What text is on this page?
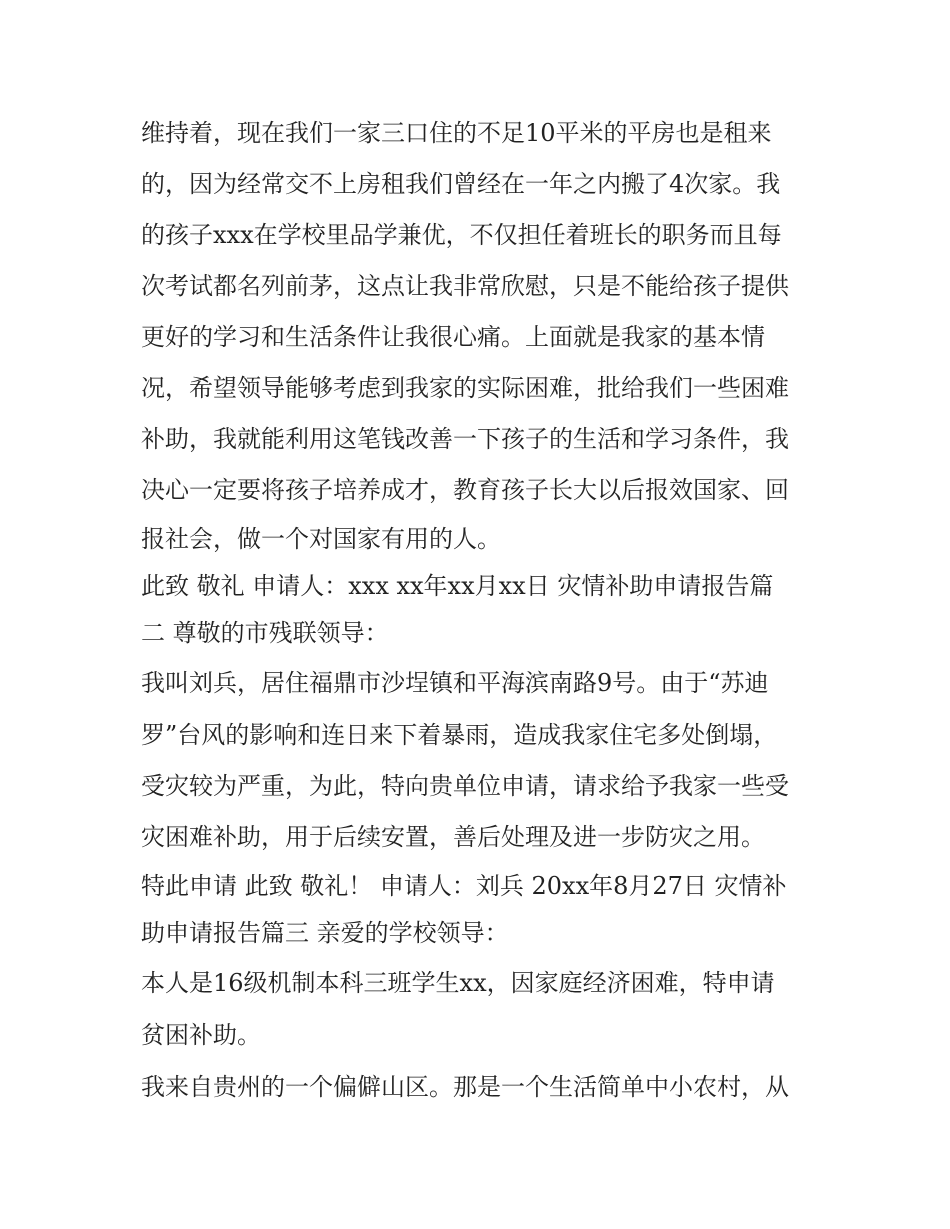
维持着，现在我们一家三口住的不足10平米的平房也是租来
的，因为经常交不上房租我们曾经在一年之内搬了4次家。我
的孩子xxx在学校里品学兼优，不仅担任着班长的职务而且每
次考试都名列前茅，这点让我非常欣慰，只是不能给孩子提供
更好的学习和生活条件让我很心痛。上面就是我家的基本情
况，希望领导能够考虑到我家的实际困难，批给我们一些困难
补助，我就能利用这笔钱改善一下孩子的生活和学习条件，我
决心一定要将孩子培养成才，教育孩子长大以后报效国家、回
报社会，做一个对国家有用的人。
此致 敬礼 申请人：xxx xx年xx月xx日 灾情补助申请报告篇
二 尊敬的市残联领导：
我叫刘兵，居住福鼎市沙埕镇和平海滨南路9号。由于“苏迪
罗”台风的影响和连日来下着暴雨，造成我家住宅多处倒塌，
受灾较为严重，为此，特向贵单位申请，请求给予我家一些受
灾困难补助，用于后续安置，善后处理及进一步防灾之用。
特此申请 此致 敬礼！ 申请人：刘兵 20xx年8月27日 灾情补
助申请报告篇三 亲爱的学校领导：
本人是16级机制本科三班学生xx，因家庭经济困难，特申请
贫困补助。
我来自贵州的一个偏僻山区。那是一个生活简单中小农村，从
